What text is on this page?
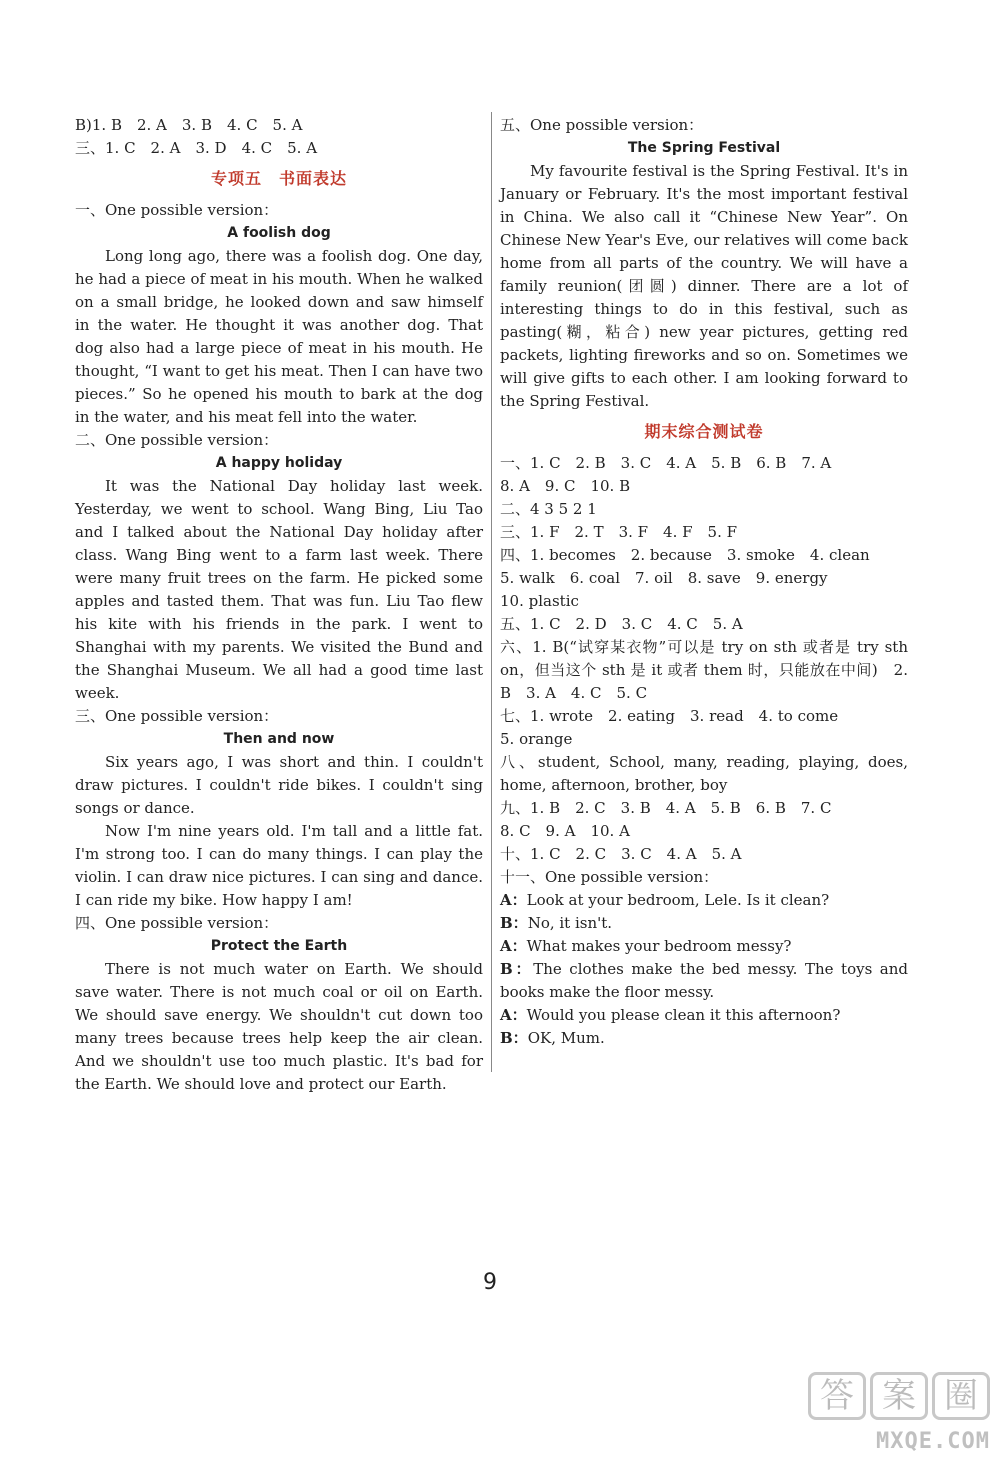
B)1. B　2. A　3. B　4. C　5. A
三、1. C　2. A　3. D　4. C　5. A
专项五　书面表达
一、One possible version：
A foolish dog

Long long ago, there was a foolish dog. One day, he had a piece of meat in his mouth. When he walked on a small bridge, he looked down and saw himself in the water. He thought it was another dog. That dog also had a large piece of meat in his mouth. He thought, “I want to get his meat. Then I can have two pieces.” So he opened his mouth to bark at the dog in the water, and his meat fell into the water.

二、One possible version：
A happy holiday

It was the National Day holiday last week. Yesterday, we went to school. Wang Bing, Liu Tao and I talked about the National Day holiday after class. Wang Bing went to a farm last week. There were many fruit trees on the farm. He picked some apples and tasted them. That was fun. Liu Tao flew his kite with his friends in the park. I went to Shanghai with my parents. We visited the Bund and the Shanghai Museum. We all had a good time last week.

三、One possible version：
Then and now

Six years ago, I was short and thin. I couldn't draw pictures. I couldn't ride bikes. I couldn't sing songs or dance.

Now I'm nine years old. I'm tall and a little fat. I'm strong too. I can do many things. I can play the violin. I can draw nice pictures. I can sing and dance. I can ride my bike. How happy I am!

四、One possible version：
Protect the Earth

There is not much water on Earth. We should save water. There is not much coal or oil on Earth. We should save energy. We shouldn't cut down too many trees because trees help keep the air clean. And we shouldn't use too much plastic. It's bad for the Earth. We should love and protect our Earth.

五、One possible version：
The Spring Festival

My favourite festival is the Spring Festival. It's in January or February. It's the most important festival in China. We also call it “Chinese New Year”. On Chinese New Year's Eve, our relatives will come back home from all parts of the country. We will have a family reunion(团圆) dinner. There are a lot of interesting things to do in this festival, such as pasting(糊，粘合) new year pictures, getting red packets, lighting fireworks and so on. Sometimes we will give gifts to each other. I am looking forward to the Spring Festival.

期末综合测试卷
一、1. C　2. B　3. C　4. A　5. B　6. B　7. A
8. A　9. C　10. B
二、4 3 5 2 1
三、1. F　2. T　3. F　4. F　5. F
四、1. becomes　2. because　3. smoke　4. clean
5. walk　6. coal　7. oil　8. save　9. energy
10. plastic
五、1. C　2. D　3. C　4. C　5. A
六、1. B(“试穿某衣物”可以是 try on sth 或者是 try sth on，但当这个 sth 是 it 或者 them 时，只能放在中间)　2. B　3. A　4. C　5. C
七、1. wrote　2. eating　3. read　4. to come
5. orange
八、student, School, many, reading, playing, does, home, afternoon, brother, boy
九、1. B　2. C　3. B　4. A　5. B　6. B　7. C
8. C　9. A　10. A
十、1. C　2. C　3. C　4. A　5. A
十一、One possible version：
A：Look at your bedroom, Lele. Is it clean?
B：No, it isn't.
A：What makes your bedroom messy?
B：The clothes make the bed messy. The toys and books make the floor messy.
A：Would you please clean it this afternoon?
B：OK, Mum.
9
答 案 圈
MXQE.COM
